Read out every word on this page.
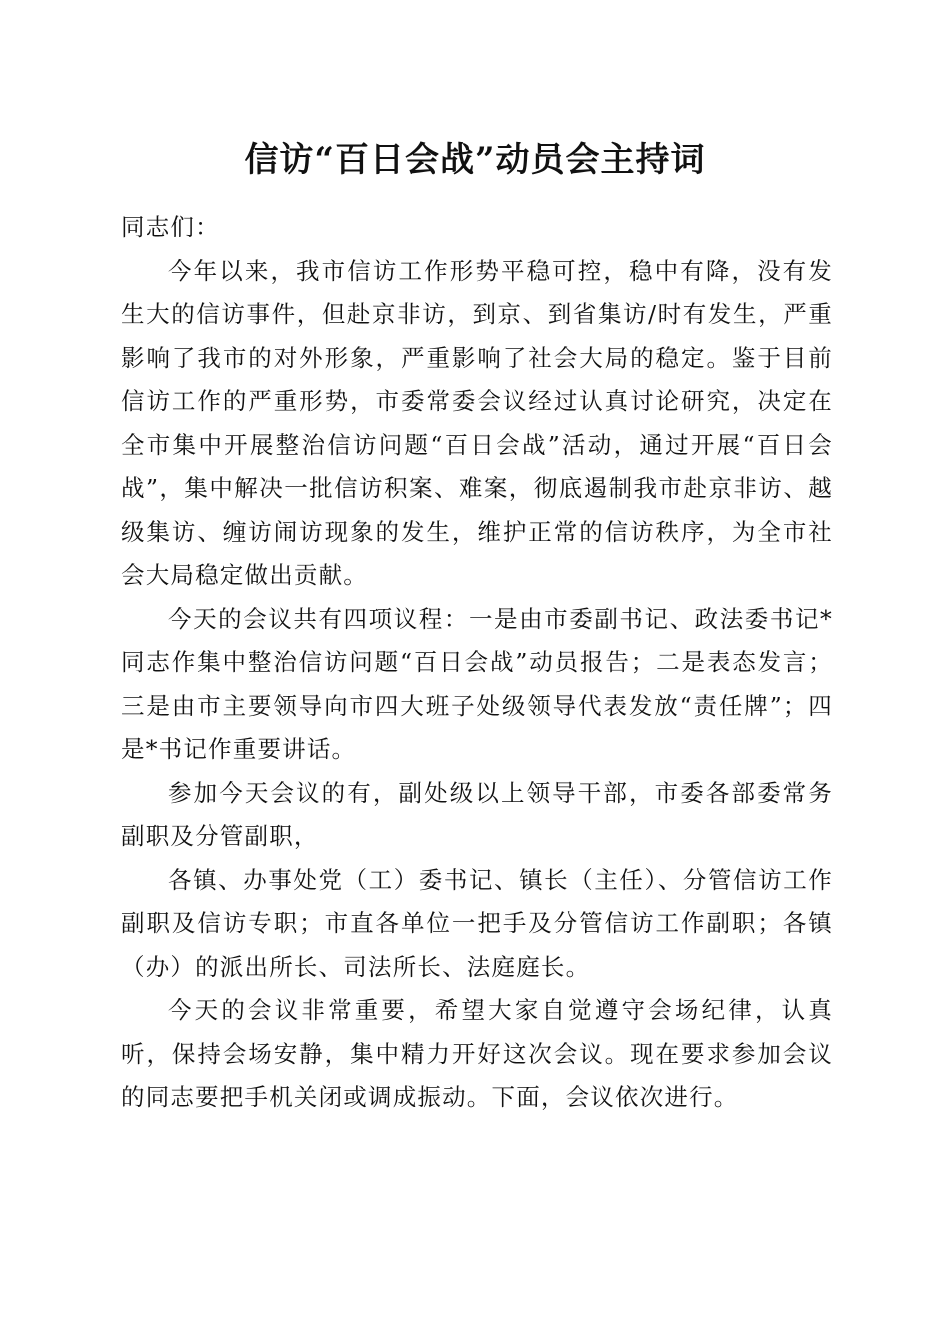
信访“百日会战”动员会主持词

同志们：

今年以来，我市信访工作形势平稳可控，稳中有降，没有发生大的信访事件，但赴京非访，到京、到省集访/时有发生，严重影响了我市的对外形象，严重影响了社会大局的稳定。鉴于目前信访工作的严重形势，市委常委会议经过认真讨论研究，决定在全市集中开展整治信访问题“百日会战”活动，通过开展“百日会战”，集中解决一批信访积案、难案，彻底遏制我市赴京非访、越级集访、缠访闹访现象的发生，维护正常的信访秩序，为全市社会大局稳定做出贡献。

今天的会议共有四项议程：一是由市委副书记、政法委书记*同志作集中整治信访问题“百日会战”动员报告；二是表态发言；三是由市主要领导向市四大班子处级领导代表发放“责任牌”；四是*书记作重要讲话。

参加今天会议的有，副处级以上领导干部，市委各部委常务副职及分管副职，

各镇、办事处党（工）委书记、镇长（主任）、分管信访工作副职及信访专职；市直各单位一把手及分管信访工作副职；各镇（办）的派出所长、司法所长、法庭庭长。

今天的会议非常重要，希望大家自觉遵守会场纪律，认真听，保持会场安静，集中精力开好这次会议。现在要求参加会议的同志要把手机关闭或调成振动。下面，会议依次进行。
